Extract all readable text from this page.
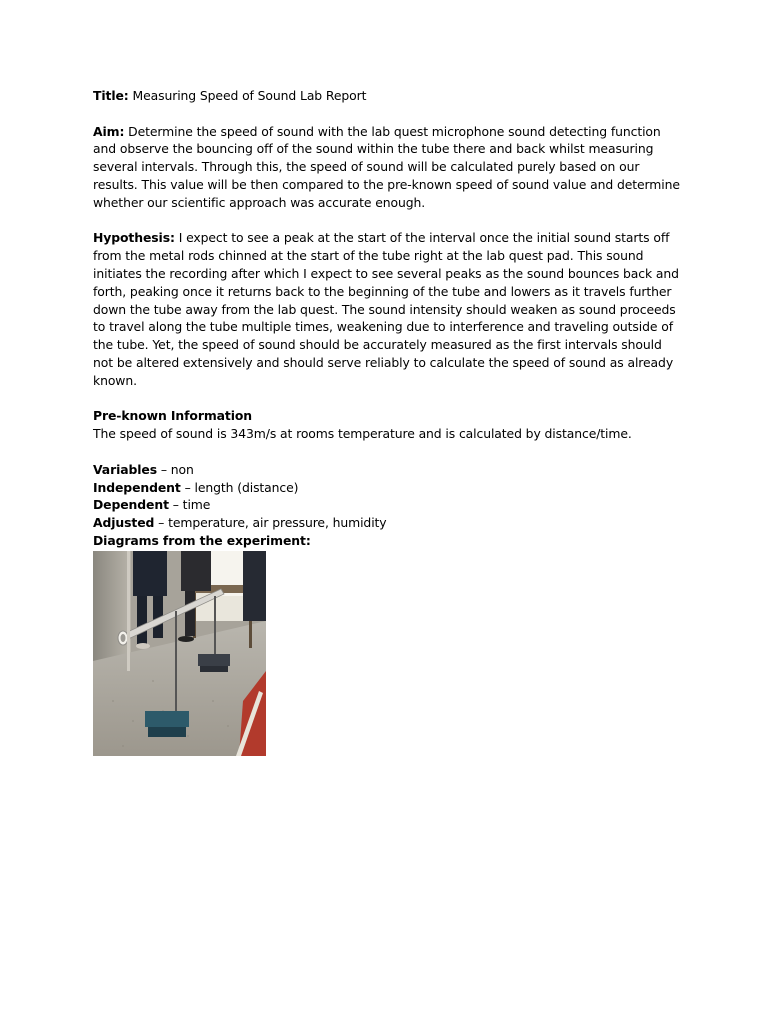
Title: Measuring Speed of Sound Lab Report

Aim: Determine the speed of sound with the lab quest microphone sound detecting function and observe the bouncing off of the sound within the tube there and back whilst measuring several intervals. Through this, the speed of sound will be calculated purely based on our results. This value will be then compared to the pre-known speed of sound value and determine whether our scientific approach was accurate enough.

Hypothesis: I expect to see a peak at the start of the interval once the initial sound starts off from the metal rods chinned at the start of the tube right at the lab quest pad. This sound initiates the recording after which I expect to see several peaks as the sound bounces back and forth, peaking once it returns back to the beginning of the tube and lowers as it travels further down the tube away from the lab quest. The sound intensity should weaken as sound proceeds to travel along the tube multiple times, weakening due to interference and traveling outside of the tube. Yet, the speed of sound should be accurately measured as the first intervals should not be altered extensively and should serve reliably to calculate the speed of sound as already known.

Pre-known Information

The speed of sound is 343m/s at rooms temperature and is calculated by distance/time.

Variables – non

Independent – length (distance)

Dependent – time

Adjusted – temperature, air pressure, humidity

Diagrams from the experiment:
